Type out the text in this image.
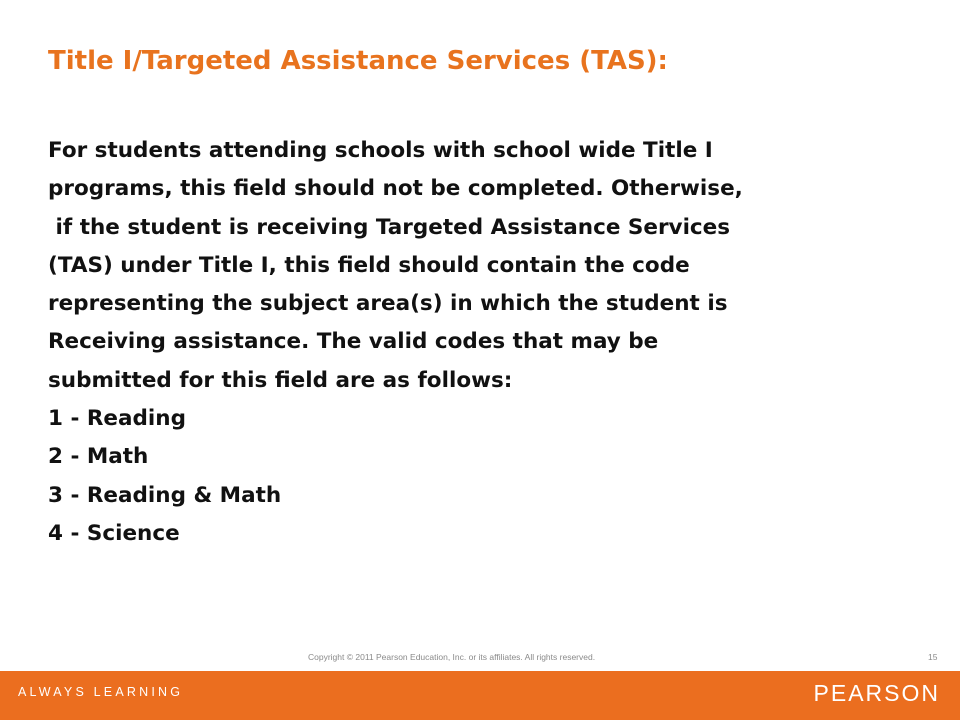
Title I/Targeted Assistance Services (TAS):
For students attending schools with school wide Title I
programs, this field should not be completed. Otherwise,
if the student is receiving Targeted Assistance Services
(TAS) under Title I, this field should contain the code
representing the subject area(s) in which the student is
Receiving assistance. The valid codes that may be
submitted for this field are as follows:
1 - Reading
2 - Math
3 - Reading & Math
4 - Science
Copyright © 2011 Pearson Education, Inc. or its affiliates. All rights reserved.	15
ALWAYS LEARNING	PEARSON
